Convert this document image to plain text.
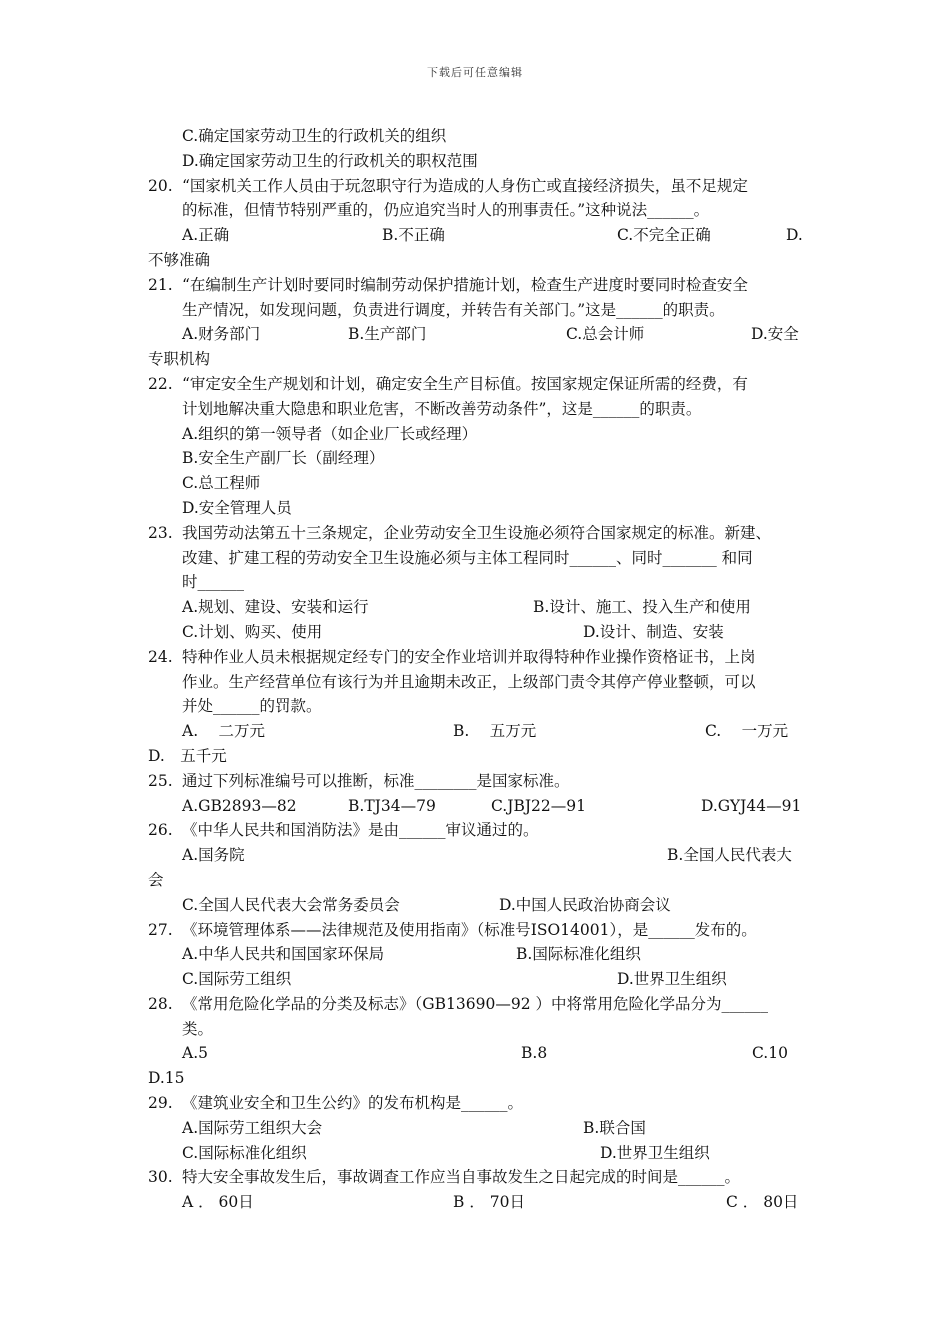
下载后可任意编辑
C.确定国家劳动卫生的行政机关的组织
D.确定国家劳动卫生的行政机关的职权范围
20. “国家机关工作人员由于玩忽职守行为造成的人身伤亡或直接经济损失，虽不足规定
的标准，但情节特别严重的，仍应追究当时人的刑事责任。”这种说法______。
A.正确	B.不正确	C.不完全正确	D.
不够准确
21. “在编制生产计划时要同时编制劳动保护措施计划，检查生产进度时要同时检查安全
生产情况，如发现问题，负责进行调度，并转告有关部门。”这是______的职责。
A.财务部门	B.生产部门	C.总会计师	D.安全
专职机构
22. “审定安全生产规划和计划，确定安全生产目标值。按国家规定保证所需的经费，有
计划地解决重大隐患和职业危害，不断改善劳动条件”，这是______的职责。
A.组织的第一领导者（如企业厂长或经理）
B.安全生产副厂长（副经理）
C.总工程师
D.安全管理人员
23. 我国劳动法第五十三条规定，企业劳动安全卫生设施必须符合国家规定的标准。新建、
改建、扩建工程的劳动安全卫生设施必须与主体工程同时______、同时_______ 和同
时______
A.规划、建设、安装和运行	B.设计、施工、投入生产和使用
C.计划、购买、使用	D.设计、制造、安装
24. 特种作业人员未根据规定经专门的安全作业培训并取得特种作业操作资格证书，上岗
作业。生产经营单位有该行为并且逾期未改正，上级部门责令其停产停业整顿，可以
并处______的罚款。
A.　 二万元	B.　 五万元	C.　 一万元
D.　五千元
25. 通过下列标准编号可以推断，标准________是国家标准。
A.GB2893—82	B.TJ34—79	C.JBJ22—91	D.GYJ44—91
26. 《中华人民共和国消防法》是由______审议通过的。
A.国务院	B.全国人民代表大
会
C.全国人民代表大会常务委员会	D.中国人民政治协商会议
27. 《环境管理体系——法律规范及使用指南》（标准号ISO14001），是______发布的。
A.中华人民共和国国家环保局	B.国际标准化组织
C.国际劳工组织	D.世界卫生组织
28. 《常用危险化学品的分类及标志》（GB13690—92 ）中将常用危险化学品分为______
类。
A.5	B.8	C.10
D.15
29. 《建筑业安全和卫生公约》的发布机构是______。
A.国际劳工组织大会	B.联合国
C.国际标准化组织	D.世界卫生组织
30. 特大安全事故发生后，事故调查工作应当自事故发生之日起完成的时间是______。
A ． 60日	B ． 70日	C ． 80日
